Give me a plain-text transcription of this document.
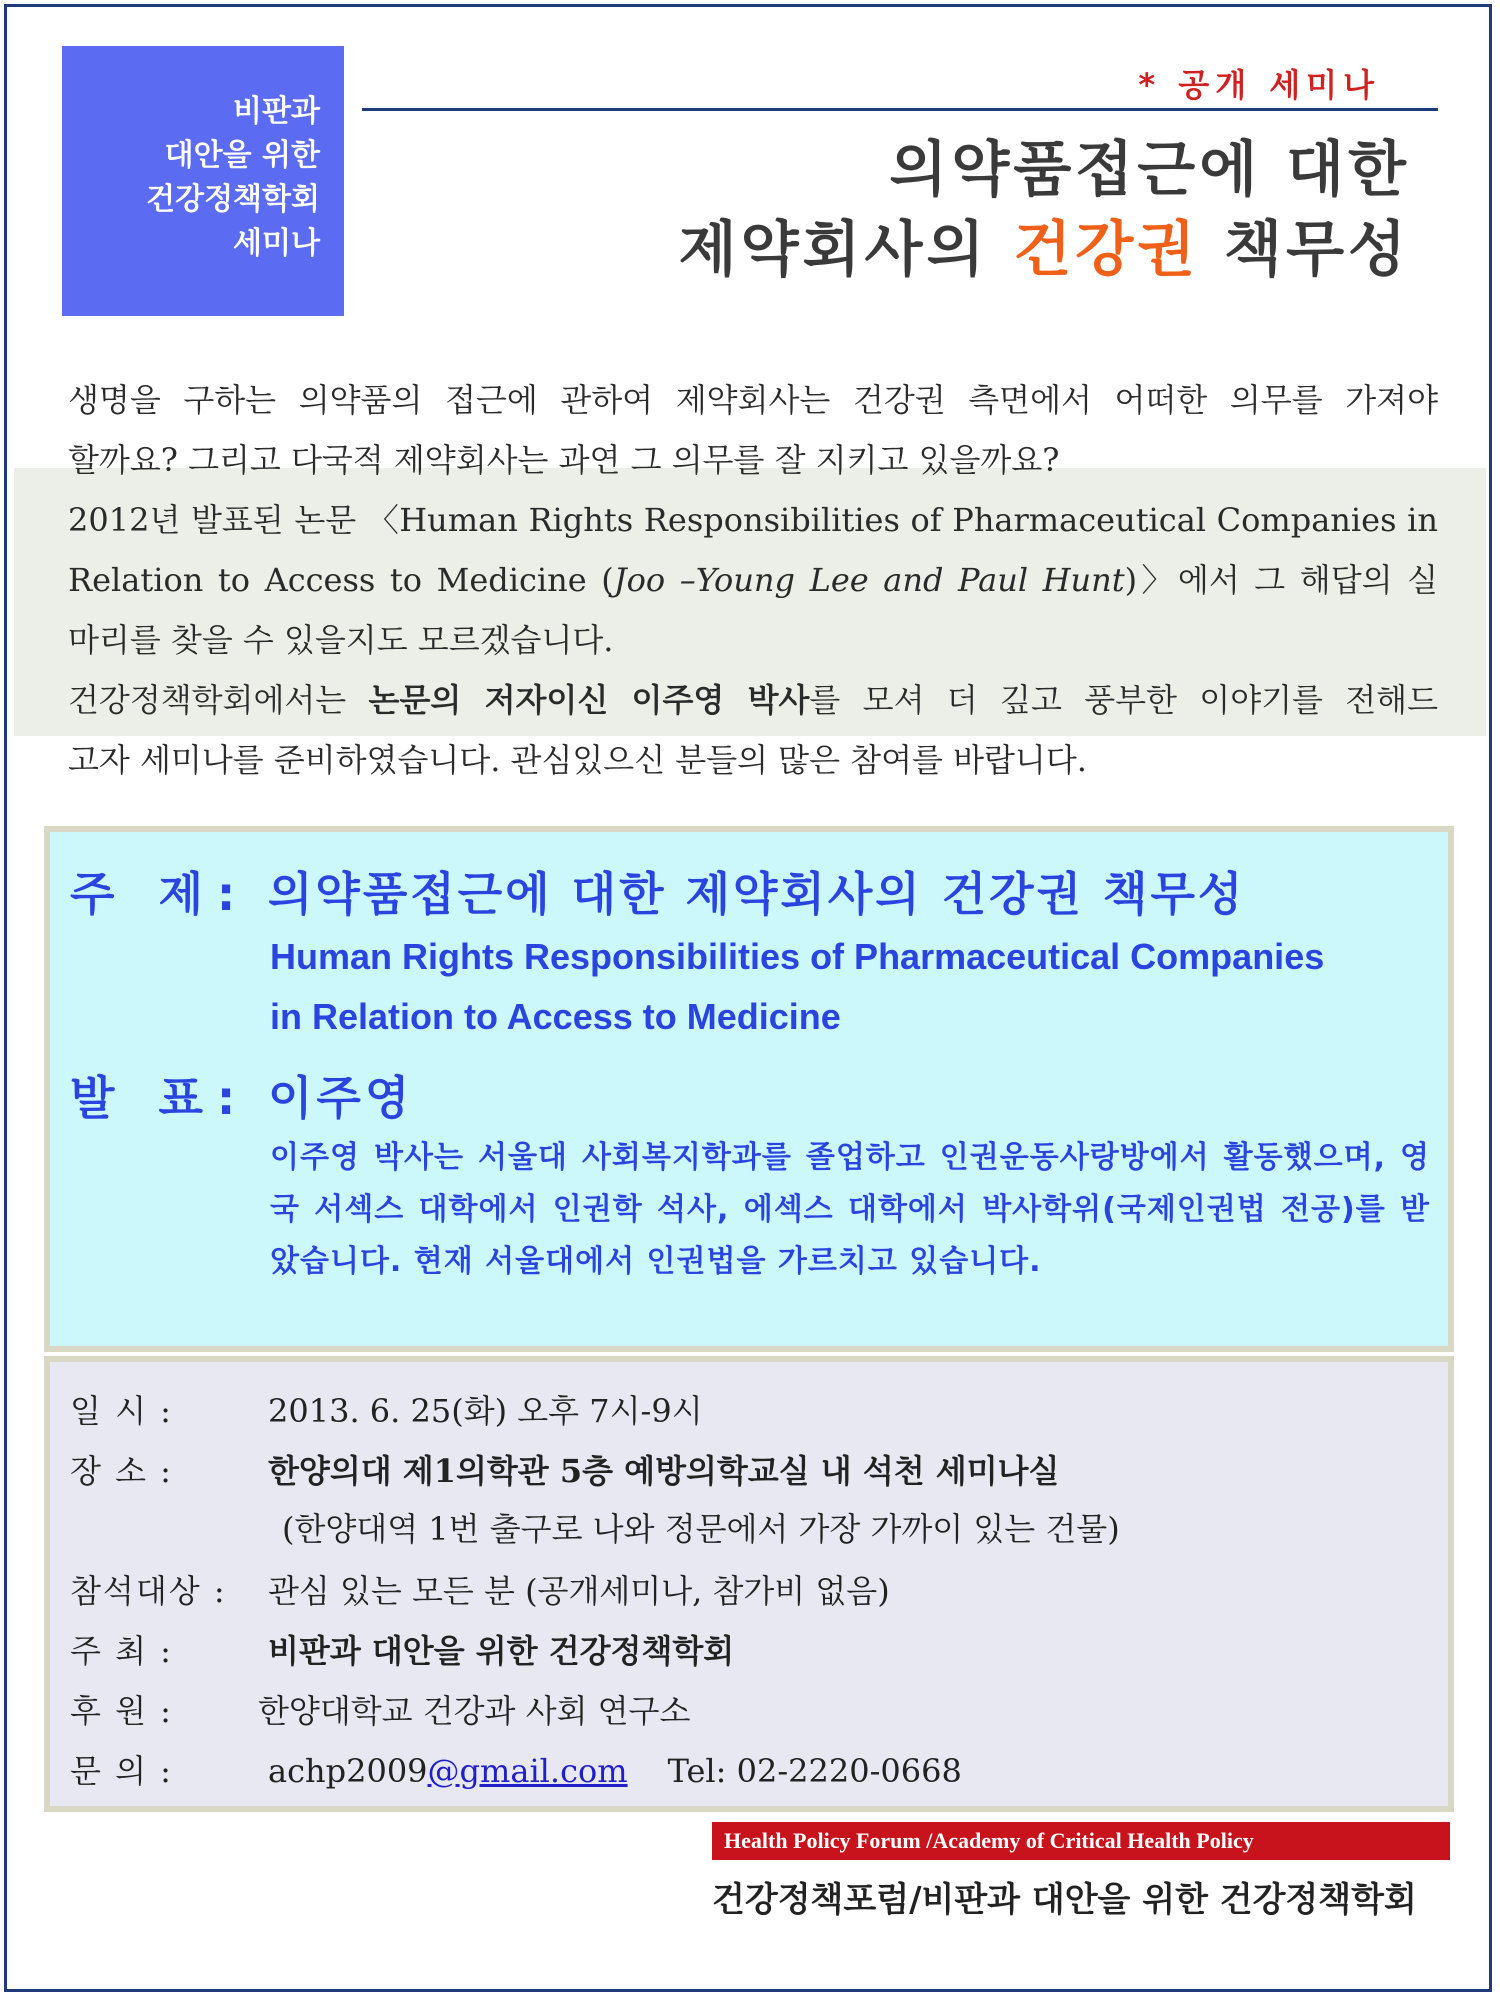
비판과
대안을 위한
건강정책학회
세미나
* 공개 세미나
의약품접근에 대한
제약회사의 건강권 책무성

생명을 구하는 의약품의 접근에 관하여 제약회사는 건강권 측면에서 어떠한 의무를 가져야

할까요? 그리고 다국적 제약회사는 과연 그 의무를 잘 지키고 있을까요?

2012년 발표된 논문 〈Human Rights Responsibilities of Pharmaceutical Companies in

Relation to Access to Medicine (Joo –Young Lee and Paul Hunt)〉에서 그 해답의 실

마리를 찾을 수 있을지도 모르겠습니다.

건강정책학회에서는 논문의 저자이신 이주영 박사를 모셔 더 깊고 풍부한 이야기를 전해드

고자 세미나를 준비하였습니다. 관심있으신 분들의 많은 참여를 바랍니다.

주 제: 의약품접근에 대한 제약회사의 건강권 책무성
Human Rights Responsibilities of Pharmaceutical Companies
in Relation to Access to Medicine
발 표: 이주영
이주영 박사는 서울대 사회복지학과를 졸업하고 인권운동사랑방에서 활동했으며, 영국 서섹스 대학에서 인권학 석사, 에섹스 대학에서 박사학위(국제인권법 전공)를 받았습니다. 현재 서울대에서 인권법을 가르치고 있습니다.
일 시 :	2013. 6. 25(화) 오후 7시-9시
장 소 :	한양의대 제1의학관 5층 예방의학교실 내 석천 세미나실
(한양대역 1번 출구로 나와 정문에서 가장 가까이 있는 건물)
참석대상 : 관심 있는 모든 분 (공개세미나, 참가비 없음)
주 최 :	비판과 대안을 위한 건강정책학회
후 원 :	한양대학교 건강과 사회 연구소
문 의 :	achp2009@gmail.com Tel: 02-2220-0668
Health Policy Forum /Academy of Critical Health Policy
건강정책포럼/비판과 대안을 위한 건강정책학회
